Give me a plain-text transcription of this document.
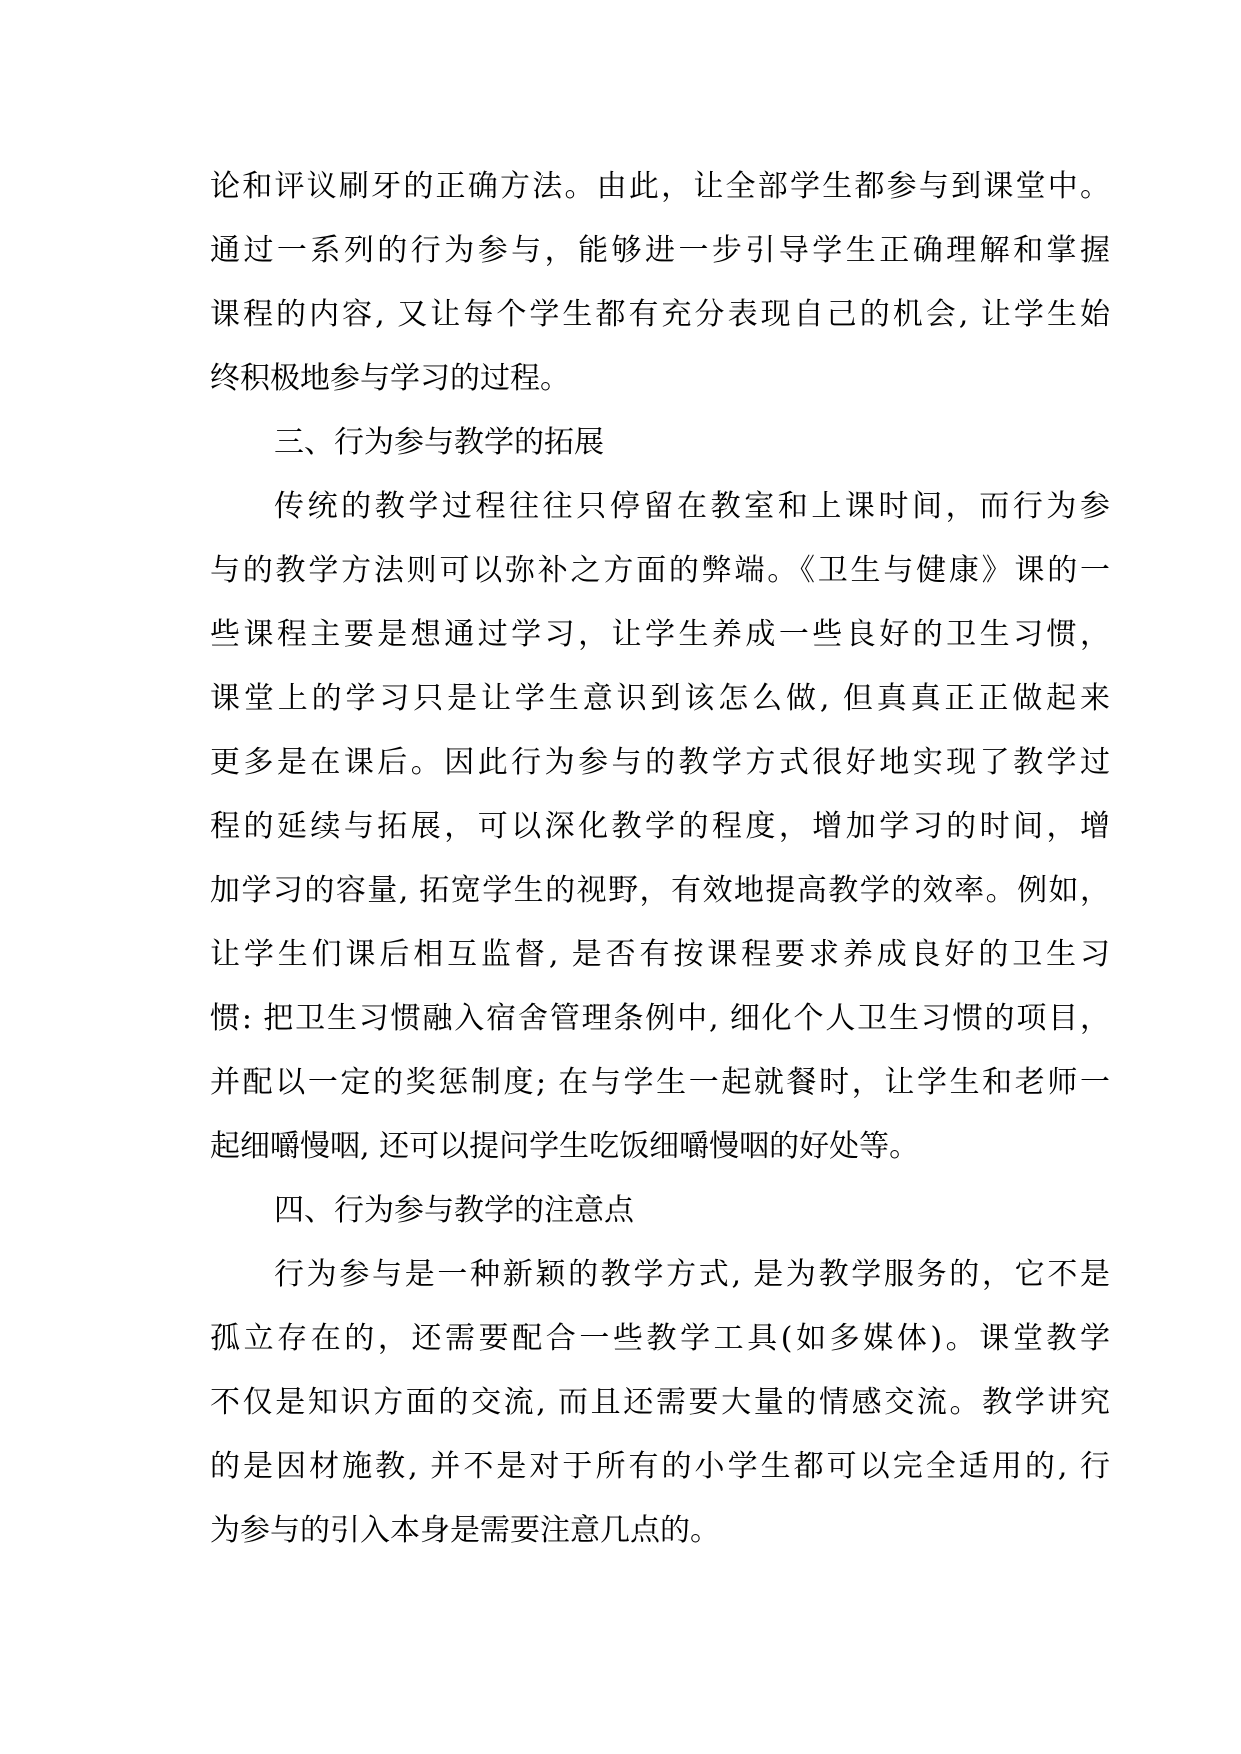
论和评议刷牙的正确方法。由此，让全部学生都参与到课堂中。
通过一系列的行为参与，能够进一步引导学生正确理解和掌握
课程的内容, 又让每个学生都有充分表现自己的机会, 让学生始
终积极地参与学习的过程。
三、行为参与教学的拓展
传统的教学过程往往只停留在教室和上课时间，而行为参
与的教学方法则可以弥补之方面的弊端。《卫生与健康》课的一
些课程主要是想通过学习，让学生养成一些良好的卫生习惯，
课堂上的学习只是让学生意识到该怎么做, 但真真正正做起来
更多是在课后。因此行为参与的教学方式很好地实现了教学过
程的延续与拓展，可以深化教学的程度，增加学习的时间，增
加学习的容量, 拓宽学生的视野，有效地提高教学的效率。例如，
让学生们课后相互监督, 是否有按课程要求养成良好的卫生习
惯: 把卫生习惯融入宿舍管理条例中, 细化个人卫生习惯的项目，
并配以一定的奖惩制度; 在与学生一起就餐时，让学生和老师一
起细嚼慢咽, 还可以提问学生吃饭细嚼慢咽的好处等。
四、行为参与教学的注意点
行为参与是一种新颖的教学方式, 是为教学服务的，它不是
孤立存在的，还需要配合一些教学工具(如多媒体)。课堂教学
不仅是知识方面的交流, 而且还需要大量的情感交流。教学讲究
的是因材施教, 并不是对于所有的小学生都可以完全适用的, 行
为参与的引入本身是需要注意几点的。
